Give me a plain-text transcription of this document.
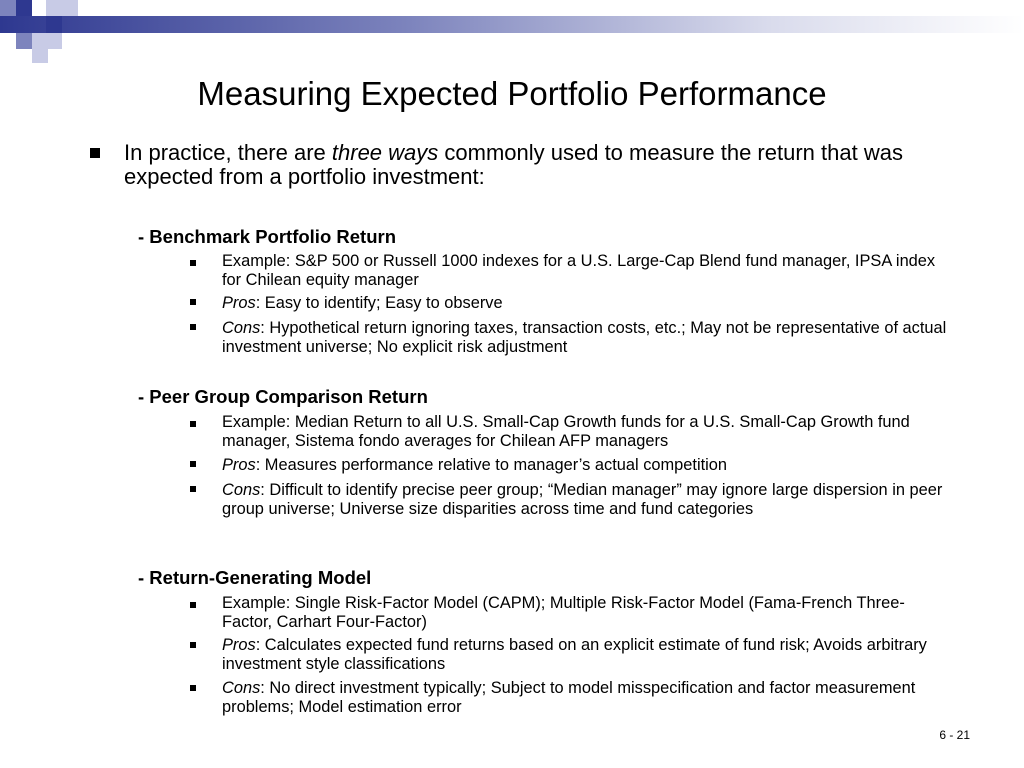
Measuring Expected Portfolio Performance
In practice, there are three ways commonly used to measure the return that was expected from a portfolio investment:
- Benchmark Portfolio Return
Example: S&P 500 or Russell 1000 indexes for a U.S. Large-Cap Blend fund manager, IPSA index for Chilean equity manager
Pros: Easy to identify; Easy to observe
Cons: Hypothetical return ignoring taxes, transaction costs, etc.; May not be representative of actual investment universe; No explicit risk adjustment
- Peer Group Comparison Return
Example: Median Return to all U.S. Small-Cap Growth funds for a U.S. Small-Cap Growth fund manager, Sistema fondo averages for Chilean AFP managers
Pros: Measures performance relative to manager’s actual competition
Cons: Difficult to identify precise peer group; “Median manager” may ignore large dispersion in peer group universe; Universe size disparities across time and fund categories
- Return-Generating Model
Example: Single Risk-Factor Model (CAPM); Multiple Risk-Factor Model (Fama-French Three-Factor, Carhart Four-Factor)
Pros: Calculates expected fund returns based on an explicit estimate of fund risk; Avoids arbitrary investment style classifications
Cons: No direct investment typically; Subject to model misspecification and factor measurement problems; Model estimation error
6 - 21
